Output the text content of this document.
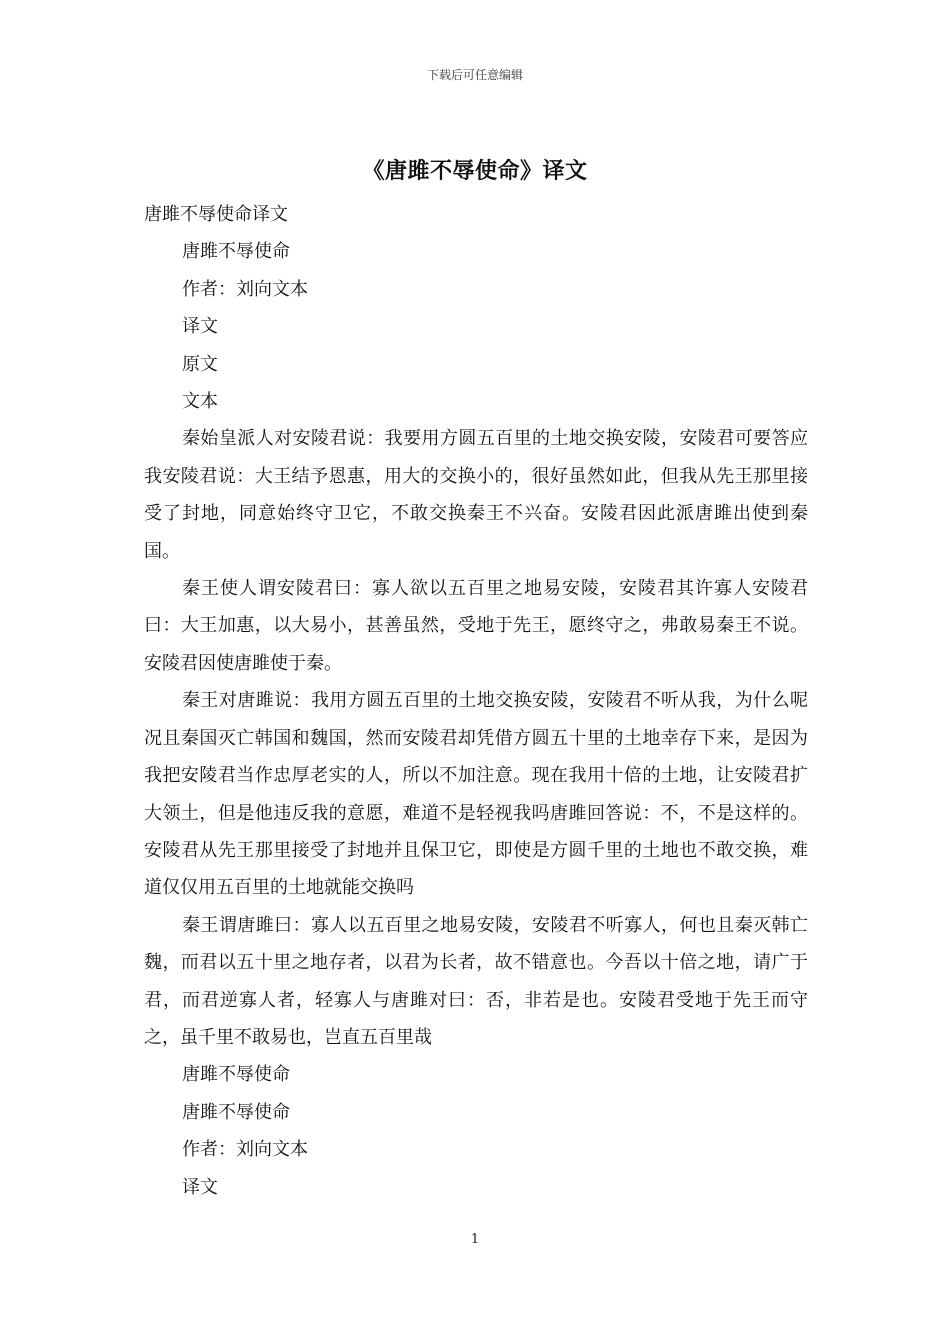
下载后可任意编辑
《唐雎不辱使命》译文

唐雎不辱使命译文

唐雎不辱使命

作者：刘向文本

译文

原文

文本

秦始皇派人对安陵君说：我要用方圆五百里的土地交换安陵，安陵君可要答应我安陵君说：大王结予恩惠，用大的交换小的，很好虽然如此，但我从先王那里接受了封地，同意始终守卫它，不敢交换秦王不兴奋。安陵君因此派唐雎出使到秦国。

秦王使人谓安陵君曰：寡人欲以五百里之地易安陵，安陵君其许寡人安陵君曰：大王加惠，以大易小，甚善虽然，受地于先王，愿终守之，弗敢易秦王不说。安陵君因使唐雎使于秦。

秦王对唐雎说：我用方圆五百里的土地交换安陵，安陵君不听从我，为什么呢况且秦国灭亡韩国和魏国，然而安陵君却凭借方圆五十里的土地幸存下来，是因为我把安陵君当作忠厚老实的人，所以不加注意。现在我用十倍的土地，让安陵君扩大领土，但是他违反我的意愿，难道不是轻视我吗唐雎回答说：不，不是这样的。安陵君从先王那里接受了封地并且保卫它，即使是方圆千里的土地也不敢交换，难道仅仅用五百里的土地就能交换吗

秦王谓唐雎曰：寡人以五百里之地易安陵，安陵君不听寡人，何也且秦灭韩亡魏，而君以五十里之地存者，以君为长者，故不错意也。今吾以十倍之地，请广于君，而君逆寡人者，轻寡人与唐雎对曰：否，非若是也。安陵君受地于先王而守之，虽千里不敢易也，岂直五百里哉

唐雎不辱使命

唐雎不辱使命

作者：刘向文本

译文

1
